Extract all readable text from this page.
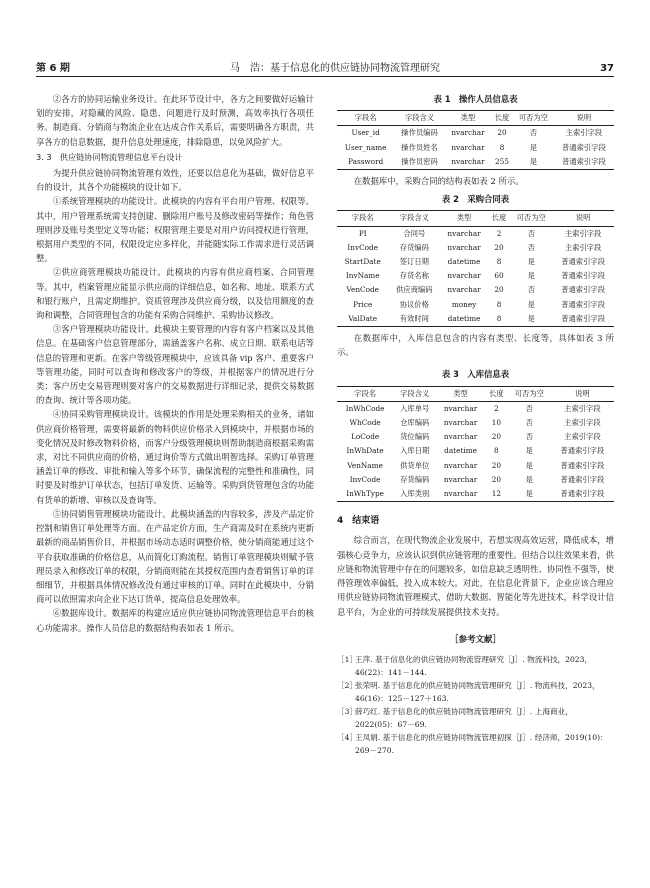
第 6 期	马　浩：基于信息化的供应链协同物流管理研究	37

②各方的协同运输业务设计。在此环节设计中，各方之间要做好运输计划的安排，对隐藏的风险、隐患、问题进行及时预测，高效率执行各项任务。制造商、分销商与物流企业在达成合作关系后，需要明确各方职责，共享各方的信息数据，提升信息处理速度，排除隐患，以免风险扩大。

3. 3　供应链协同物流管理信息平台设计

为提升供应链协同物流管理有效性，还要以信息化为基础，做好信息平台的设计，其各个功能模块的设计如下。

①系统管理模块的功能设计。此模块的内容有平台用户管理、权限等。其中，用户管理系统需支持创建、删除用户账号及修改密码等操作；角色管理则涉及账号类型定义等功能；权限管理主要是对用户访问授权进行管理，根据用户类型的不同，权限设定应多样化，并能随实际工作需求进行灵活调整。

②供应商管理模块功能设计。此模块的内容有供应商档案、合同管理等。其中，档案管理应能显示供应商的详细信息，如名称、地址、联系方式和银行账户，且需定期维护。资质管理涉及供应商分级，以及信用额度的查询和调整，合同管理包含的功能有采购合同维护、采购协议修改。

③客户管理模块功能设计。此模块主要管理的内容有客户档案以及其他信息。在基础客户信息管理部分，需涵盖客户名称、成立日期、联系电话等信息的管理和更新。在客户等级管理模块中，应该具备 vip 客户、重要客户等管理功能，同时可以查询和修改客户的等级，并根据客户的情况进行分类；客户历史交易管理则要对客户的交易数据进行详细记录，提供交易数据的查询、统计等各项功能。

④协同采购管理模块设计。该模块的作用是处理采购相关的业务，诸如供应商价格管理，需要将最新的物料供应价格录入到模块中，并根据市场的变化情况及时修改物料价格，而客户分级管理模块则帮助制造商根据采购需求，对比不同供应商的价格，通过询价等方式做出明智选择。采购订单管理涵盖订单的修改、审批和输入等多个环节，确保流程的完整性和准确性，同时要及时维护订单状态，包括订单发货、运输等。采购到货管理包含的功能有货单的新增、审核以及查询等。

⑤协同销售管理模块功能设计。此模块涵盖的内容较多，涉及产品定价控制和销售订单处理等方面。在产品定价方面，生产商需及时在系统内更新最新的商品销售价目，并根据市场动态适时调整价格，使分销商能通过这个平台获取准确的价格信息，从而简化订购流程。销售订单管理模块则赋予管理员录入和修改订单的权限，分销商则能在其授权范围内查看销售订单的详细细节，并根据具体情况修改没有通过审核的订单。同时在此模块中，分销商可以依照需求向企业下达订货单，提高信息处理效率。

⑥数据库设计。数据库的构建应适应供应链协同物流管理信息平台的核心功能需求。操作人员信息的数据结构表如表 1 所示。

表 1　操作人员信息表
字段名	字段含义	类型	长度	可否为空	说明
User_id	操作员编码	nvarchar	20	否	主索引字段
User_name	操作员姓名	nvarchar	8	是	普通索引字段
Password	操作员密码	nvarchar	255	是	普通索引字段

在数据库中，采购合同的结构表如表 2 所示。

表 2　采购合同表
字段名	字段含义	类型	长度	可否为空	说明
PI	合同号	nvarchar	2	否	主索引字段
InvCode	存货编码	nvarchar	20	否	主索引字段
StartDate	签订日期	datetime	8	是	普通索引字段
InvName	存货名称	nvarchar	60	是	普通索引字段
VenCode	供应商编码	nvarchar	20	否	普通索引字段
Price	协议价格	money	8	是	普通索引字段
ValDate	有效时间	datetime	8	是	普通索引字段

在数据库中，入库信息包含的内容有类型、长度等，具体如表 3 所示。

表 3　入库信息表
字段名	字段含义	类型	长度	可否为空	说明
InWhCode	入库单号	nvarchar	2	否	主索引字段
WhCode	仓库编码	nvarchar	10	否	主索引字段
LoCode	货位编码	nvarchar	20	否	主索引字段
InWhDate	入库日期	datetime	8	是	普通索引字段
VenName	供货单位	nvarchar	20	是	普通索引字段
InvCode	存货编码	nvarchar	20	是	普通索引字段
InWhType	入库类别	nvarchar	12	是	普通索引字段
4　结束语

综合而言，在现代物流企业发展中，若想实现高效运营，降低成本，增强核心竞争力，应该认识到供应链管理的重要性。但结合以往效果来看，供应链和物流管理中存在的问题较多，如信息缺乏透明性、协同性不强等，使得管理效率偏低，投入成本较大。对此，在信息化背景下，企业应该合理应用供应链协同物流管理模式，借助大数据、智能化等先进技术，科学设计信息平台，为企业的可持续发展提供技术支持。

［参考文献］
［1］
王萍. 基于信息化的供应链协同物流管理研究［J］. 物流科技，2023，46(22)：141－144.
［2］
张荣明. 基于信息化的供应链协同物流管理研究［J］. 物流科技，2023，46(16)：125－127＋163.
［3］
薛巧红. 基于信息化的供应链协同物流管理研究［J］. 上海商业，2022(05)：67－69.
［4］
王凤娟. 基于信息化的供应链协同物流管理初探［J］. 经济师，2019(10)：269－270.
